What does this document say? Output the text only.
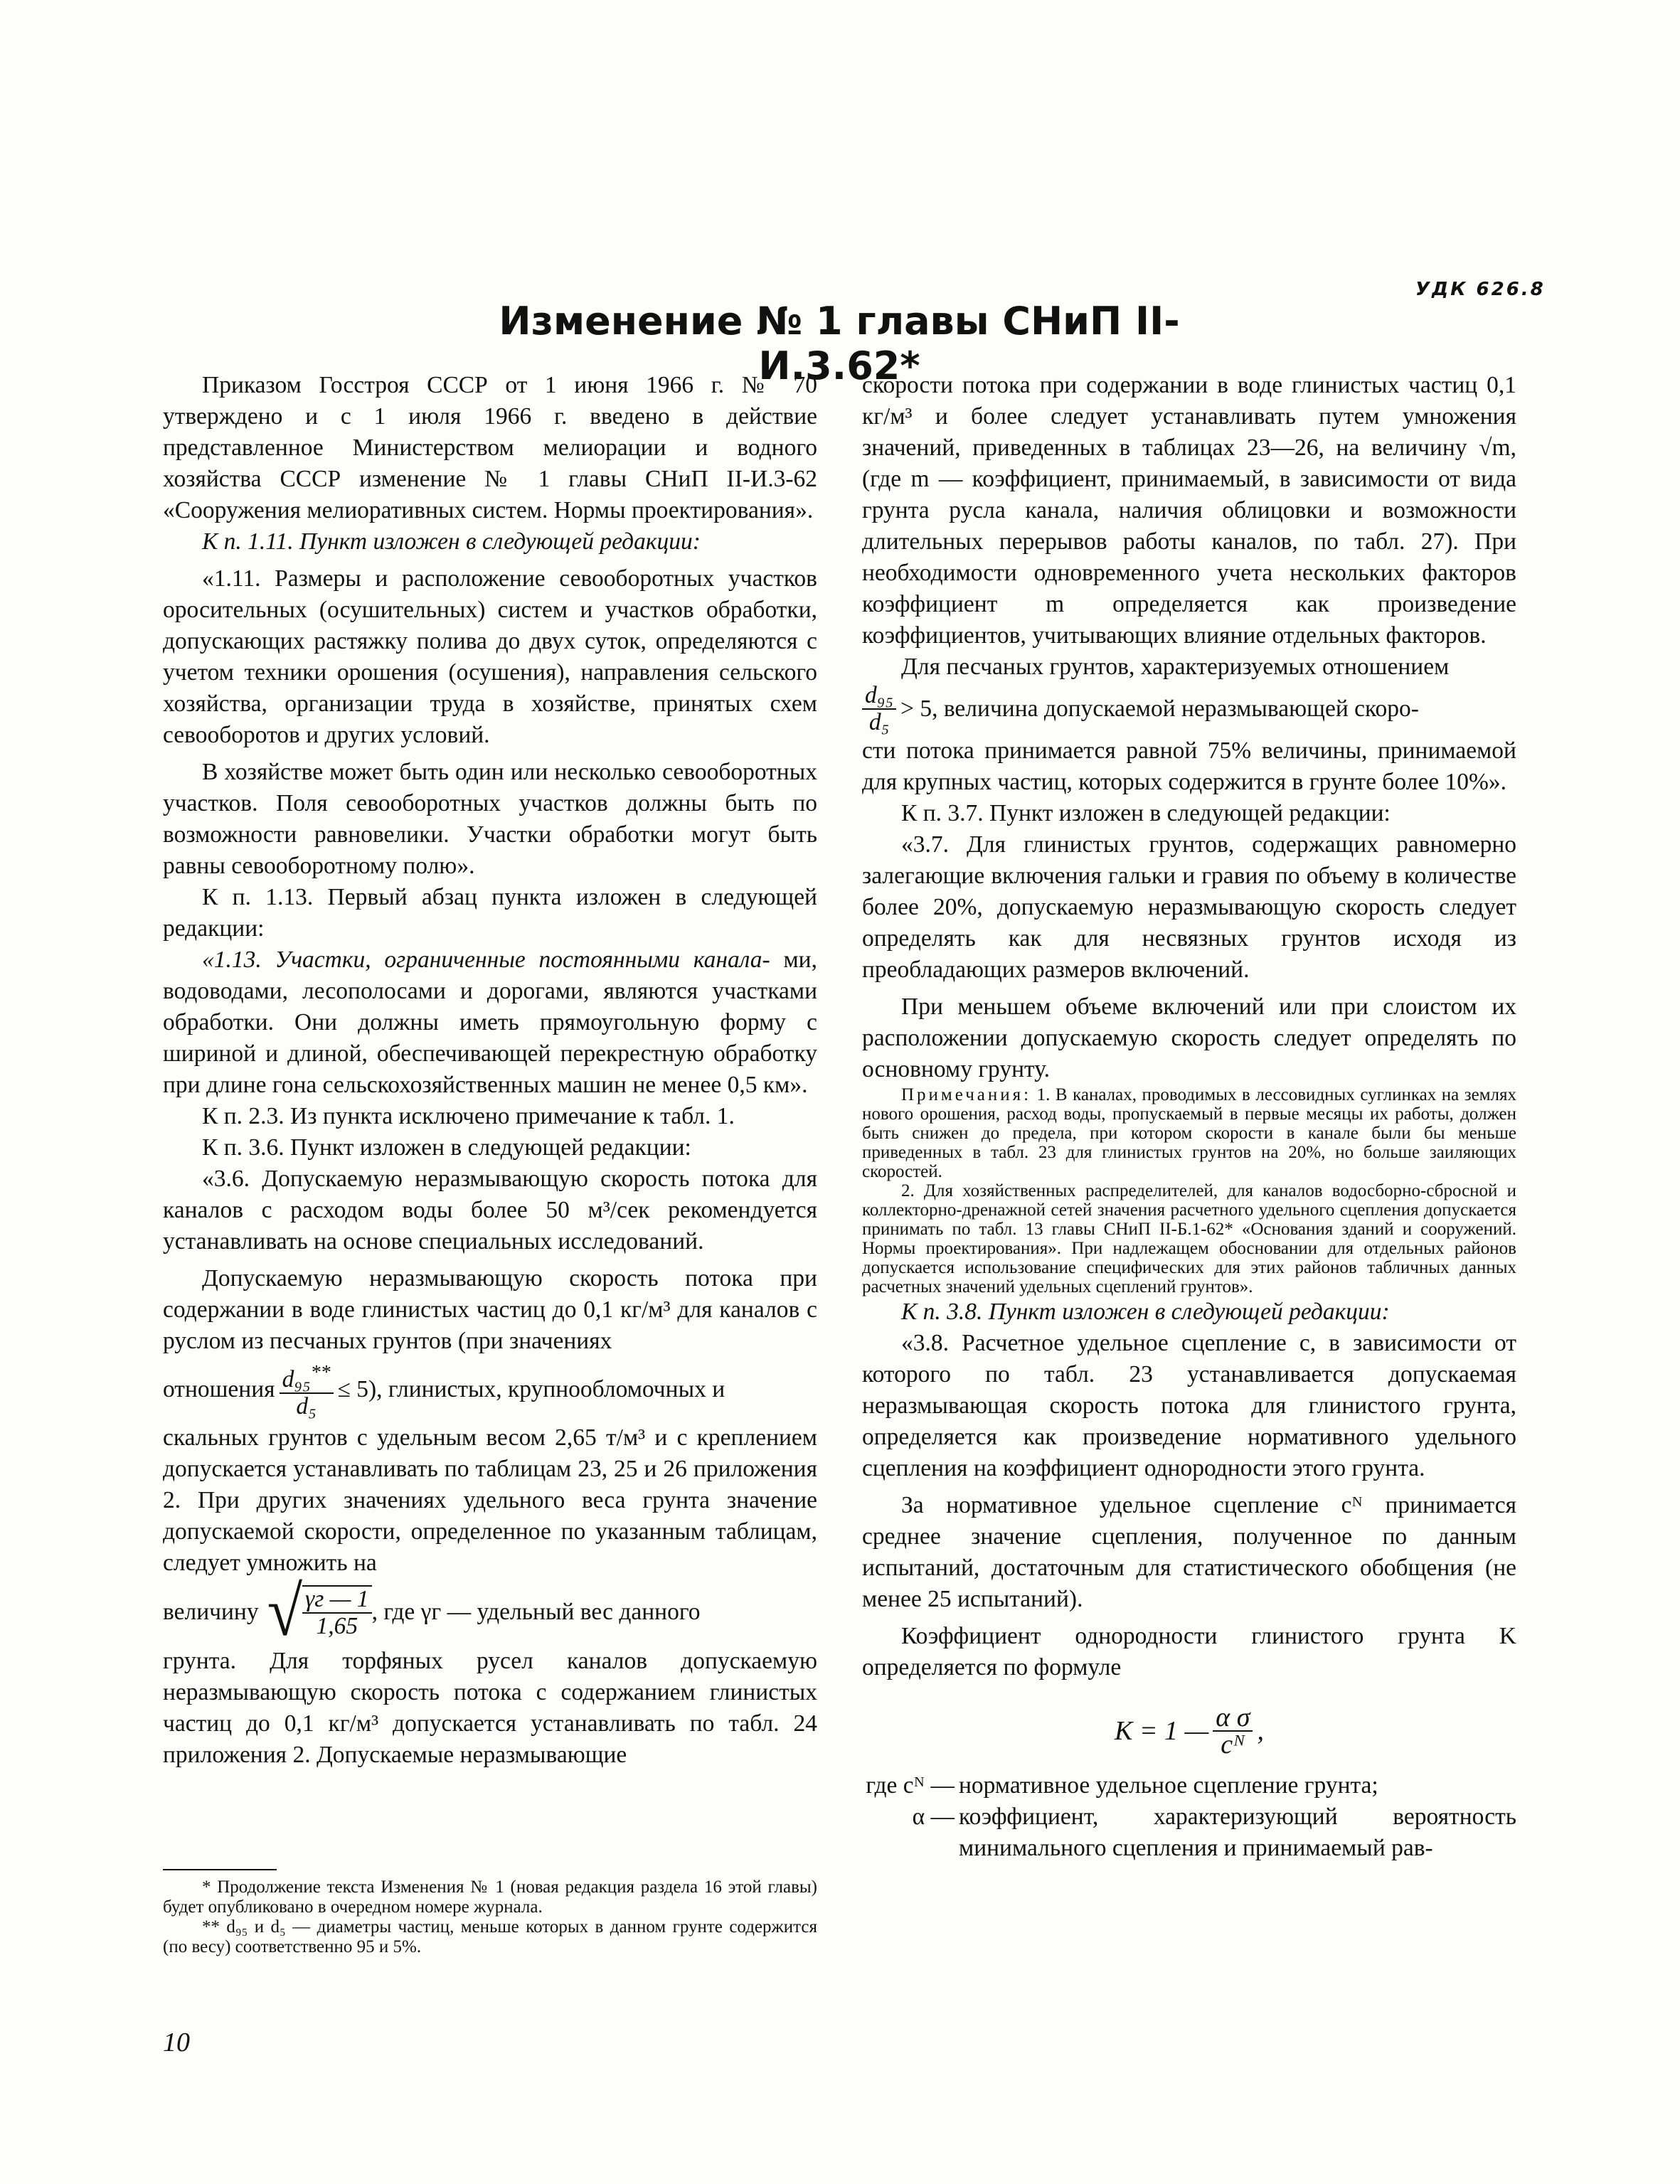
УДК 626.8
Изменение № 1 главы СНиП II-И.3.62*

Приказом Госстроя СССР от 1 июня 1966 г. № 70 утверждено и с 1 июля 1966 г. введено в действие представленное Министерством мелиорации и водного хозяйства СССР изменение № 1 главы СНиП II-И.3-62 «Сооружения мелиоративных систем. Нормы проектирования».

К п. 1.11. Пункт изложен в следующей редакции:

«1.11. Размеры и расположение севооборотных участков оросительных (осушительных) систем и участков обработки, допускающих растяжку полива до двух суток, определяются с учетом техники орошения (осушения), направления сельского хозяйства, организации труда в хозяйстве, принятых схем севооборотов и других условий.

В хозяйстве может быть один или несколько севооборотных участков. Поля севооборотных участков должны быть по возможности равновелики. Участки обработки могут быть равны севооборотному полю».

К п. 1.13. Первый абзац пункта изложен в следующей редакции:

«1.13. Участки, ограниченные постоянными канала- ми, водоводами, лесополосами и дорогами, являются участками обработки. Они должны иметь прямоугольную форму с шириной и длиной, обеспечивающей перекрестную обработку при длине гона сельскохозяйственных машин не менее 0,5 км».

К п. 2.3. Из пункта исключено примечание к табл. 1.

К п. 3.6. Пункт изложен в следующей редакции:

«3.6. Допускаемую неразмывающую скорость потока для каналов с расходом воды более 50 м³/сек рекомендуется устанавливать на основе специальных исследований.

Допускаемую неразмывающую скорость потока при содержании в воде глинистых частиц до 0,1 кг/м³ для каналов с руслом из песчаных грунтов (при значениях

отношения $\frac{d_{95}^{**}}{\text{d₅}} \le 5$), глинистых, крупнообломочных и

скальных грунтов с удельным весом 2,65 т/м³ и с креплением допускается устанавливать по таблицам 23, 25 и 26 приложения 2. При других значениях удельного веса грунта значение допускаемой скорости, определенное по указанным таблицам, следует умножить на

величину √ $\frac{\gamma г — 1}{1,65}$ , где γг — удельный вес данного

грунта. Для торфяных русел каналов допускаемую неразмывающую скорость потока с содержанием глинистых частиц до 0,1 кг/м³ допускается устанавливать по табл. 24 приложения 2. Допускаемые неразмывающие

скорости потока при содержании в воде глинистых частиц 0,1 кг/м³ и более следует устанавливать путем умножения значений, приведенных в таблицах 23—26, на величину √m, (где m — коэффициент, принимаемый, в зависимости от вида грунта русла канала, наличия облицовки и возможности длительных перерывов работы каналов, по табл. 27). При необходимости одновременного учета нескольких факторов коэффициент m определяется как произведение коэффициентов, учитывающих влияние отдельных факторов.

Для песчаных грунтов, характеризуемых отношением

$\frac{\text{d₉₅}}{\text{d₅}} > 5$, величина допускаемой неразмывающей скоро-

сти потока принимается равной 75% величины, принимаемой для крупных частиц, которых содержится в грунте более 10%».

К п. 3.7. Пункт изложен в следующей редакции:

«3.7. Для глинистых грунтов, содержащих равномерно залегающие включения гальки и гравия по объему в количестве более 20%, допускаемую неразмывающую скорость следует определять как для несвязных грунтов исходя из преобладающих размеров включений.

При меньшем объеме включений или при слоистом их расположении допускаемую скорость следует определять по основному грунту.

Примечания: 1. В каналах, проводимых в лессовидных суглинках на землях нового орошения, расход воды, пропускаемый в первые месяцы их работы, должен быть снижен до предела, при котором скорости в канале были бы меньше приведенных в табл. 23 для глинистых грунтов на 20%, но больше заиляющих скоростей.

2. Для хозяйственных распределителей, для каналов водосборно-сбросной и коллекторно-дренажной сетей значения расчетного удельного сцепления допускается принимать по табл. 13 главы СНиП II-Б.1-62* «Основания зданий и сооружений. Нормы проектирования». При надлежащем обосновании для отдельных районов допускается использование специфических для этих районов табличных данных расчетных значений удельных сцеплений грунтов».

К п. 3.8. Пункт изложен в следующей редакции:

«3.8. Расчетное удельное сцепление с, в зависимости от которого по табл. 23 устанавливается допускаемая неразмывающая скорость потока для глинистого грунта, определяется как произведение нормативного удельного сцепления на коэффициент однородности этого грунта.

За нормативное удельное сцепление сᴺ принимается среднее значение сцепления, полученное по данным испытаний, достаточным для статистического обобщения (не менее 25 испытаний).

Коэффициент однородности глинистого грунта K определяется по формуле

K = 1 — $\frac{\text{α σ}}{\text{cᴺ}}$ ,
где cᴺ — нормативное удельное сцепление грунта;
α — коэффициент, характеризующий вероятность минимального сцепления и принимаемый рав-

* Продолжение текста Изменения № 1 (новая редакция раздела 16 этой главы) будет опубликовано в очередном номере журнала.

** d₉₅ и d₅ — диаметры частиц, меньше которых в данном грунте содержится (по весу) соответственно 95 и 5%.

10
